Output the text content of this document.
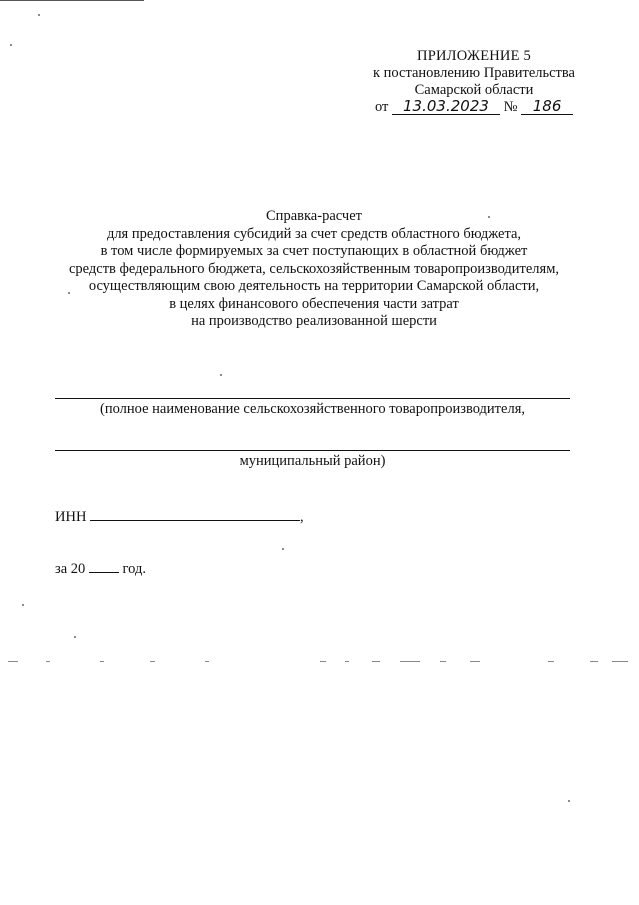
ПРИЛОЖЕНИЕ 5
к постановлению Правительства
Самарской области
от 13.03.2023 № 186
Справка-расчет
для предоставления субсидий за счет средств областного бюджета,
в том числе формируемых за счет поступающих в областной бюджет
средств федерального бюджета, сельскохозяйственным товаропроизводителям,
осуществляющим свою деятельность на территории Самарской области,
в целях финансового обеспечения части затрат
на производство реализованной шерсти
(полное наименование сельскохозяйственного товаропроизводителя,
муниципальный район)
ИНН	,
за 20	год.
